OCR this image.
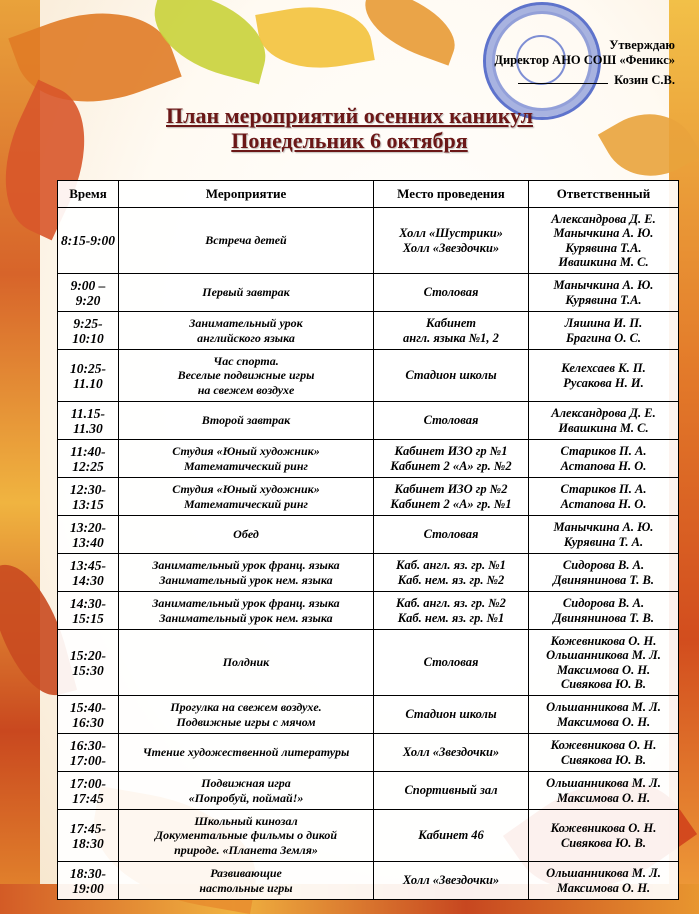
Утверждаю
Директор АНО СОШ «Феникс»
Козин С.В.
План мероприятий осенних каникул
Понедельник 6 октября
Время	Мероприятие	Место проведения	Ответственный
8:15-9:00	Встреча детей	Холл «Шустрики»
Холл «Звездочки»	Александрова Д. Е.
Манычкина А. Ю.
Курявина Т.А.
Ивашкина М. С.

9:00 – 9:20	Первый завтрак	Столовая	Манычкина А. Ю.
Курявина Т.А.

9:25-10:10	Занимательный урок
английского языка	Кабинет
англ. языка №1, 2	Ляшина И. П.
Брагина О. С.

10:25-11.10	Час спорта.
Веселые подвижные игры
на свежем воздухе	Стадион школы	Келехсаев К. П.
Русакова Н. И.

11.15-11.30	Второй завтрак	Столовая	Александрова Д. Е.
Ивашкина М. С.

11:40-12:25	Студия «Юный художник»
Математический ринг	Кабинет ИЗО гр №1
Кабинет 2 «А» гр. №2	Стариков П. А.
Астапова Н. О.

12:30-13:15	Студия «Юный художник»
Математический ринг	Кабинет ИЗО гр №2
Кабинет 2 «А» гр. №1	Стариков П. А.
Астапова Н. О.

13:20-13:40	Обед	Столовая	Манычкина А. Ю.
Курявина Т. А.

13:45-14:30	Занимательный урок франц. языка
Занимательный урок нем. языка	Каб. англ. яз. гр. №1
Каб. нем. яз. гр. №2	Сидорова В. А.
Двинянинова Т. В.

14:30-15:15	Занимательный урок франц. языка
Занимательный урок нем. языка	Каб. англ. яз. гр. №2
Каб. нем. яз. гр. №1	Сидорова В. А.
Двинянинова Т. В.

15:20-15:30	Полдник	Столовая	Кожевникова О. Н.
Ольшанникова М. Л.
Максимова О. Н.
Сивякова Ю. В.

15:40-16:30	Прогулка на свежем воздухе.
Подвижные игры с мячом	Стадион школы	Ольшанникова М. Л.
Максимова О. Н.

16:30-17:00-	Чтение художественной литературы	Холл «Звездочки»	Кожевникова О. Н.
Сивякова Ю. В.

17:00-17:45	Подвижная игра
«Попробуй, поймай!»	Спортивный зал	Ольшанникова М. Л.
Максимова О. Н.

17:45-18:30	Школьный кинозал
Документальные фильмы о дикой
природе. «Планета Земля»	Кабинет 46	Кожевникова О. Н.
Сивякова Ю. В.

18:30-19:00	Развивающие
настольные игры	Холл «Звездочки»	Ольшанникова М. Л.
Максимова О. Н.
